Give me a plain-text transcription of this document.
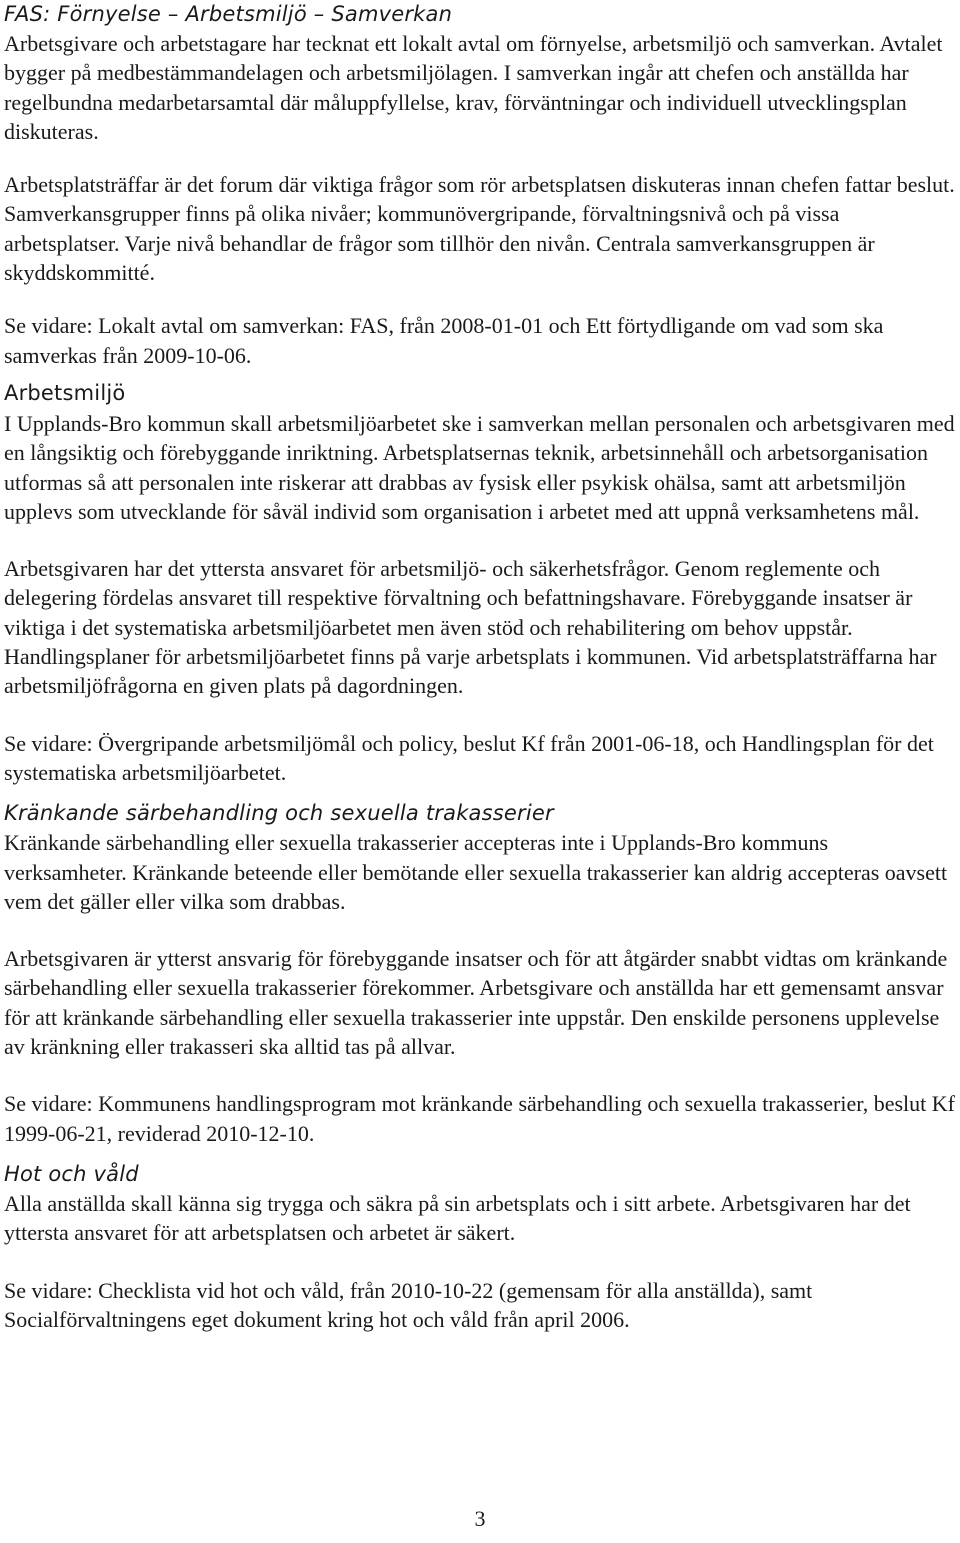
FAS: Förnyelse – Arbetsmiljö – Samverkan

Arbetsgivare och arbetstagare har tecknat ett lokalt avtal om förnyelse, arbetsmiljö och samverkan. Avtalet bygger på medbestämmandelagen och arbetsmiljölagen. I samverkan ingår att chefen och anställda har regelbundna medarbetarsamtal där måluppfyllelse, krav, förväntningar och individuell utvecklingsplan diskuteras.

Arbetsplatsträffar är det forum där viktiga frågor som rör arbetsplatsen diskuteras innan chefen fattar beslut. Samverkansgrupper finns på olika nivåer; kommunövergripande, förvaltningsnivå och på vissa arbetsplatser. Varje nivå behandlar de frågor som tillhör den nivån. Centrala samverkansgruppen är skyddskommitté.

Se vidare: Lokalt avtal om samverkan: FAS, från 2008-01-01 och Ett förtydligande om vad som ska samverkas från 2009-10-06.

Arbetsmiljö

I Upplands-Bro kommun skall arbetsmiljöarbetet ske i samverkan mellan personalen och arbetsgivaren med en långsiktig och förebyggande inriktning. Arbetsplatsernas teknik, arbetsinnehåll och arbetsorganisation utformas så att personalen inte riskerar att drabbas av fysisk eller psykisk ohälsa, samt att arbetsmiljön upplevs som utvecklande för såväl individ som organisation i arbetet med att uppnå verksamhetens mål.

Arbetsgivaren har det yttersta ansvaret för arbetsmiljö- och säkerhetsfrågor. Genom reglemente och delegering fördelas ansvaret till respektive förvaltning och befattningshavare. Förebyggande insatser är viktiga i det systematiska arbetsmiljöarbetet men även stöd och rehabilitering om behov uppstår. Handlingsplaner för arbetsmiljöarbetet finns på varje arbetsplats i kommunen. Vid arbetsplatsträffarna har arbetsmiljöfrågorna en given plats på dagordningen.

Se vidare: Övergripande arbetsmiljömål och policy, beslut Kf från 2001-06-18, och Handlingsplan för det systematiska arbetsmiljöarbetet.

Kränkande särbehandling och sexuella trakasserier

Kränkande särbehandling eller sexuella trakasserier accepteras inte i Upplands-Bro kommuns verksamheter. Kränkande beteende eller bemötande eller sexuella trakasserier kan aldrig accepteras oavsett vem det gäller eller vilka som drabbas.

Arbetsgivaren är ytterst ansvarig för förebyggande insatser och för att åtgärder snabbt vidtas om kränkande särbehandling eller sexuella trakasserier förekommer. Arbetsgivare och anställda har ett gemensamt ansvar för att kränkande särbehandling eller sexuella trakasserier inte uppstår. Den enskilde personens upplevelse av kränkning eller trakasseri ska alltid tas på allvar.

Se vidare: Kommunens handlingsprogram mot kränkande särbehandling och sexuella trakasserier, beslut Kf 1999-06-21, reviderad 2010-12-10.

Hot och våld

Alla anställda skall känna sig trygga och säkra på sin arbetsplats och i sitt arbete. Arbetsgivaren har det yttersta ansvaret för att arbetsplatsen och arbetet är säkert.

Se vidare: Checklista vid hot och våld, från 2010-10-22 (gemensam för alla anställda), samt Socialförvaltningens eget dokument kring hot och våld från april 2006.

3
